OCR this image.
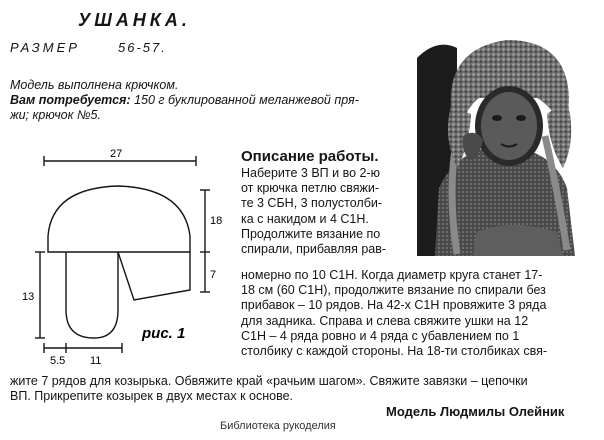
УШАНКА.
РАЗМЕР	56-57.
Модель выполнена крючком.
Вам потребуется: 150 г буклированной меланжевой пря-
жи; крючок №5.
27
18
7
13
5.5 11
рис. 1
Описание работы.
Наберите 3 ВП и во 2-ю
от крючка петлю свяжи-
те 3 СБН, 3 полустолби-
ка с накидом и 4 С1Н.
Продолжите вязание по
спирали, прибавляя рав-
номерно по 10 С1Н. Когда диаметр круга станет 17-
18 см (60 С1Н), продолжите вязание по спирали без
прибавок – 10 рядов. На 42-х С1Н провяжите 3 ряда
для задника. Справа и слева свяжите ушки на 12
С1Н – 4 ряда ровно и 4 ряда с убавлением по 1
столбику с каждой стороны. На 18-ти столбиках свя-
жите 7 рядов для козырька. Обвяжите край «рачьим шагом». Свяжите завязки – цепочки
ВП. Прикрепите козырек в двух местах к основе.
Модель Людмилы Олейник
Библиотека рукоделия
